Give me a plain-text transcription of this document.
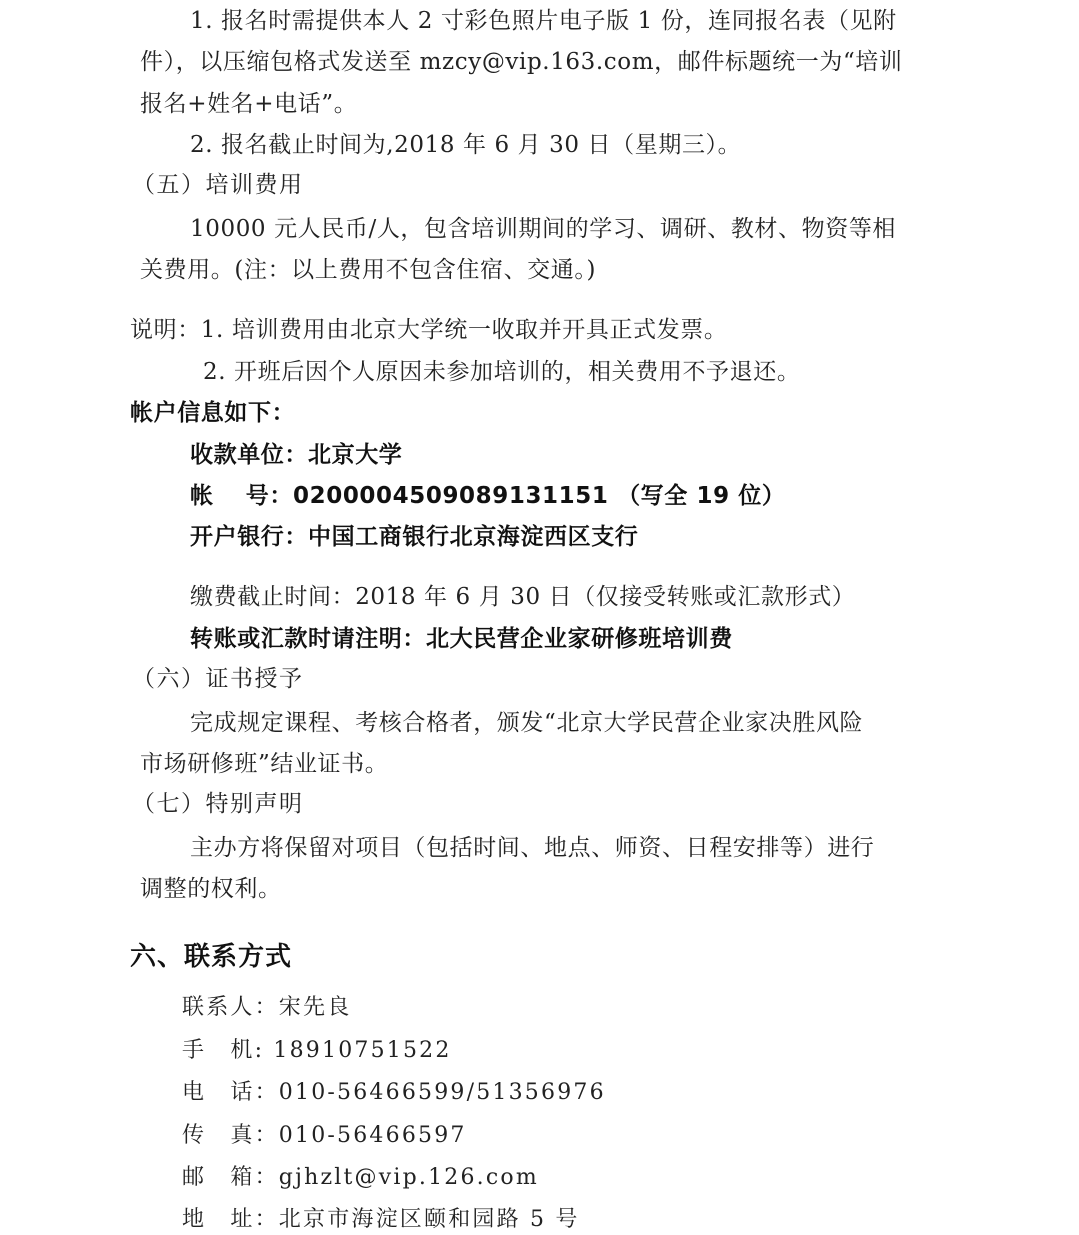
1. 报名时需提供本人 2 寸彩色照片电子版 1 份，连同报名表（见附
件），以压缩包格式发送至 mzcy@vip.163.com，邮件标题统一为“培训
报名+姓名+电话”。
2. 报名截止时间为,2018 年 6 月 30 日（星期三）。
（五）培训费用
10000 元人民币/人，包含培训期间的学习、调研、教材、物资等相
关费用。(注：以上费用不包含住宿、交通。)
说明：1. 培训费用由北京大学统一收取并开具正式发票。
2. 开班后因个人原因未参加培训的，相关费用不予退还。
帐户信息如下：
收款单位：北京大学
帐　 号：0200004509089131151 （写全 19 位）
开户银行：中国工商银行北京海淀西区支行
缴费截止时间：2018 年 6 月 30 日（仅接受转账或汇款形式）
转账或汇款时请注明：北大民营企业家研修班培训费
（六）证书授予
完成规定课程、考核合格者，颁发“北京大学民营企业家决胜风险
市场研修班”结业证书。
（七）特别声明
主办方将保留对项目（包括时间、地点、师资、日程安排等）进行
调整的权利。
六、联系方式
联系人：宋先良
手　机: 18910751522
电　话：010-56466599/51356976
传　真：010-56466597
邮　箱：gjhzlt@vip.126.com
地　址：北京市海淀区颐和园路 5 号
